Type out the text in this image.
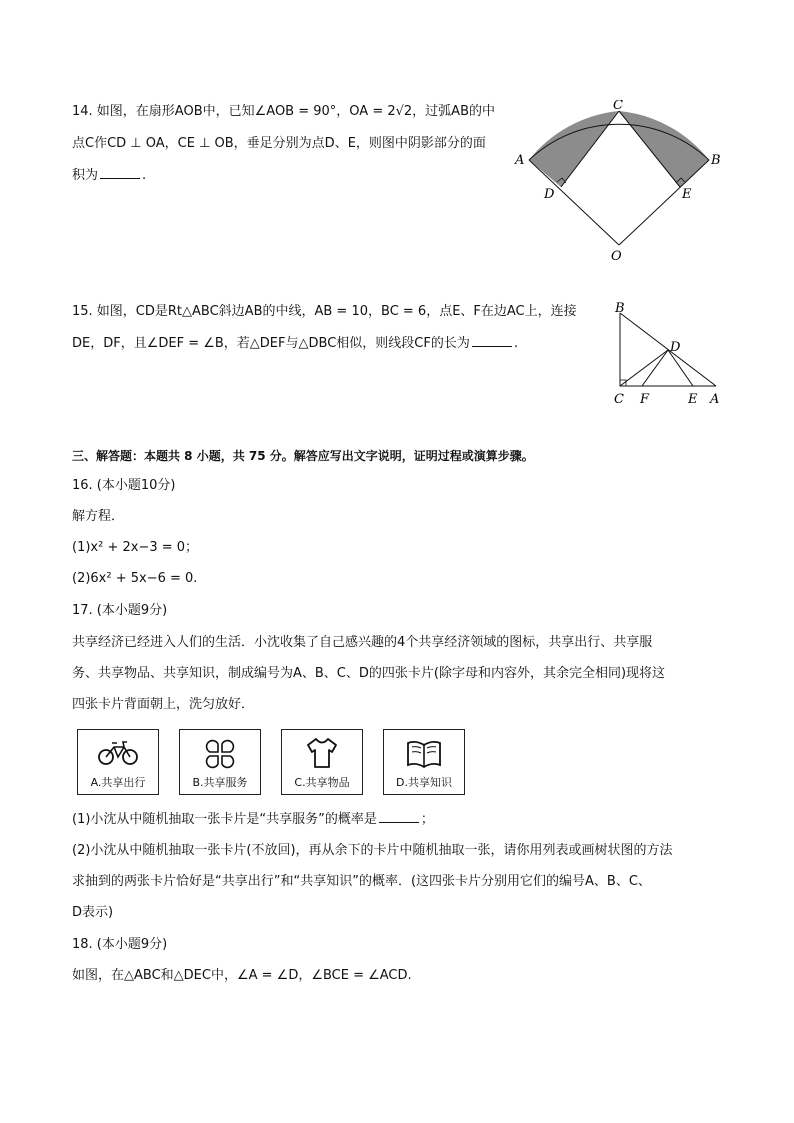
14. 如图，在扇形AOB中，已知∠AOB = 90°，OA = 2√2，过弧AB的中
点C作CD ⊥ OA，CE ⊥ OB，垂足分别为点D、E，则图中阴影部分的面
积为	.
A
C
B
D	E
O
15. 如图，CD是Rt△ABC斜边AB的中线，AB = 10，BC = 6，点E、F在边AC上，连接
DE，DF，且∠DEF = ∠B，若△DEF与△DBC相似，则线段CF的长为	.
B
D
C F	E A
三、解答题：本题共 8 小题，共 75 分。解答应写出文字说明，证明过程或演算步骤。
16. (本小题10分)
解方程．
(1)x² + 2x−3 = 0；
(2)6x² + 5x−6 = 0.
17. (本小题9分)
共享经济已经进入人们的生活．小沈收集了自己感兴趣的4个共享经济领域的图标，共享出行、共享服
务、共享物品、共享知识，制成编号为A、B、C、D的四张卡片(除字母和内容外，其余完全相同)现将这
四张卡片背面朝上，洗匀放好．
A.共享出行	B.共享服务	C.共享物品	D.共享知识
(1)小沈从中随机抽取一张卡片是“共享服务”的概率是	；
(2)小沈从中随机抽取一张卡片(不放回)，再从余下的卡片中随机抽取一张，请你用列表或画树状图的方法
求抽到的两张卡片恰好是“共享出行”和“共享知识”的概率．(这四张卡片分别用它们的编号A、B、C、
D表示)
18. (本小题9分)
如图，在△ABC和△DEC中，∠A = ∠D，∠BCE = ∠ACD.
